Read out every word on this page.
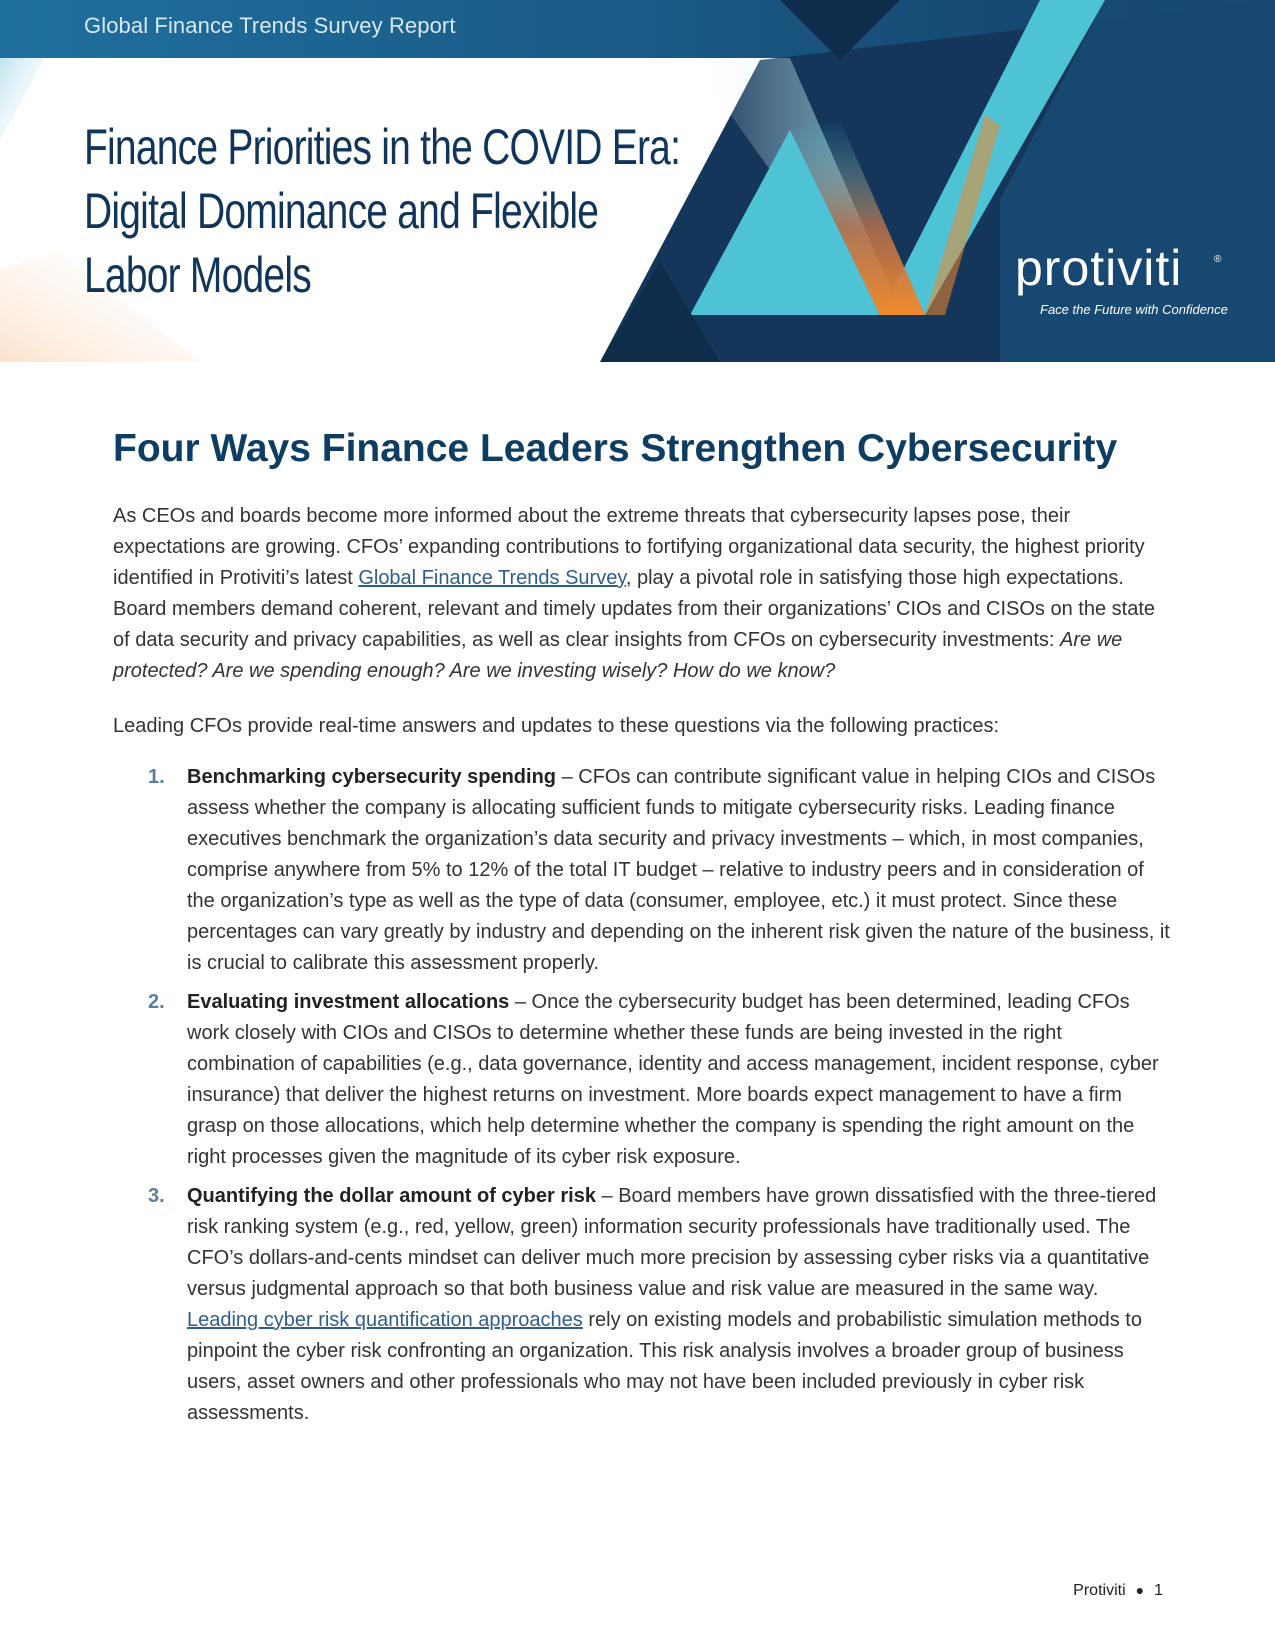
Global Finance Trends Survey Report
Finance Priorities in the COVID Era:
Digital Dominance and Flexible
Labor Models	protiviti	®
Face the Future with Confidence
Four Ways Finance Leaders Strengthen Cybersecurity

As CEOs and boards become more informed about the extreme threats that cybersecurity lapses pose, their expectations are growing. CFOs’ expanding contributions to fortifying organizational data security, the highest priority identified in Protiviti’s latest Global Finance Trends Survey, play a pivotal role in satisfying those high expectations. Board members demand coherent, relevant and timely updates from their organizations’ CIOs and CISOs on the state of data security and privacy capabilities, as well as clear insights from CFOs on cybersecurity investments: Are we protected? Are we spending enough? Are we investing wisely? How do we know?

Leading CFOs provide real-time answers and updates to these questions via the following practices:

1. Benchmarking cybersecurity spending – CFOs can contribute significant value in helping CIOs and CISOs assess whether the company is allocating sufficient funds to mitigate cybersecurity risks. Leading finance executives benchmark the organization’s data security and privacy investments – which, in most companies, comprise anywhere from 5% to 12% of the total IT budget – relative to industry peers and in consideration of the organization’s type as well as the type of data (consumer, employee, etc.) it must protect. Since these percentages can vary greatly by industry and depending on the inherent risk given the nature of the business, it is crucial to calibrate this assessment properly.
2. Evaluating investment allocations – Once the cybersecurity budget has been determined, leading CFOs work closely with CIOs and CISOs to determine whether these funds are being invested in the right combination of capabilities (e.g., data governance, identity and access management, incident response, cyber insurance) that deliver the highest returns on investment. More boards expect management to have a firm grasp on those allocations, which help determine whether the company is spending the right amount on the right processes given the magnitude of its cyber risk exposure.
3. Quantifying the dollar amount of cyber risk – Board members have grown dissatisfied with the three-tiered risk ranking system (e.g., red, yellow, green) information security professionals have traditionally used. The CFO’s dollars-and-cents mindset can deliver much more precision by assessing cyber risks via a quantitative versus judgmental approach so that both business value and risk value are measured in the same way. Leading cyber risk quantification approaches rely on existing models and probabilistic simulation methods to pinpoint the cyber risk confronting an organization. This risk analysis involves a broader group of business users, asset owners and other professionals who may not have been included previously in cyber risk assessments.
Protiviti ● 1
